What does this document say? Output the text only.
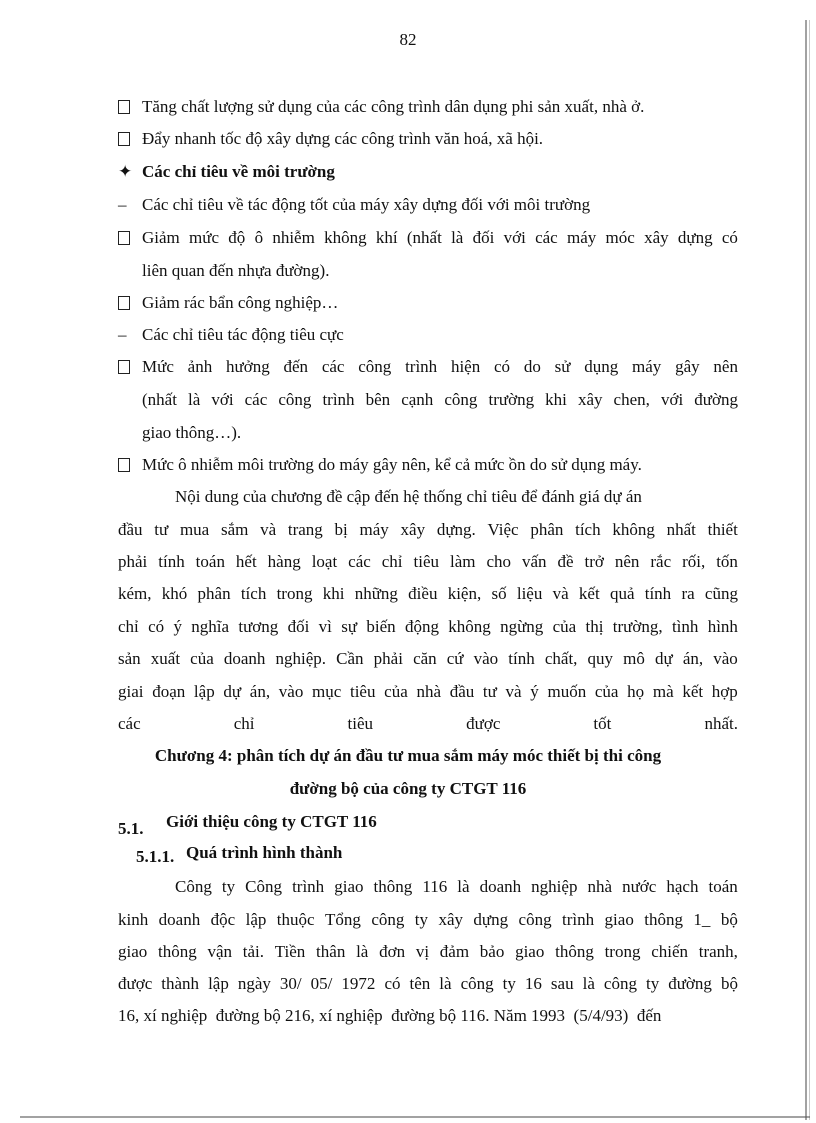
82
Tăng chất lượng sử dụng của các công trình dân dụng phi sản xuất, nhà ở.
Đẩy nhanh tốc độ xây dựng các công trình văn hoá, xã hội.
✦ Các chỉ tiêu về môi trường
– Các chỉ tiêu về tác động tốt của máy xây dựng đối với môi trường
Giảm mức độ ô nhiễm không khí (nhất là đối với các máy móc xây dựng có
liên quan đến nhựa đường).
Giảm rác bẩn công nghiệp…
– Các chỉ tiêu tác động tiêu cực
Mức ảnh hưởng đến các công trình hiện có do sử dụng máy gây nên
(nhất là với các công trình bên cạnh công trường khi xây chen, với đường
giao thông…).
Mức ô nhiễm môi trường do máy gây nên, kể cả mức ồn do sử dụng máy.
Nội dung của chương đề cập đến hệ thống chỉ tiêu để đánh giá dự án
đầu tư mua sắm và trang bị máy xây dựng. Việc phân tích không nhất thiết
phải tính toán hết hàng loạt các chỉ tiêu làm cho vấn đề trở nên rắc rối, tốn
kém, khó phân tích trong khi những điều kiện, số liệu và kết quả tính ra cũng
chỉ có ý nghĩa tương đối vì sự biến động không ngừng của thị trường, tình hình
sản xuất của doanh nghiệp. Cần phải căn cứ vào tính chất, quy mô dự án, vào
giai đoạn lập dự án, vào mục tiêu của nhà đầu tư và ý muốn của họ mà kết hợp
các	chỉ	tiêu	được	tốt	nhất.
Chương 4: phân tích dự án đầu tư mua sắm máy móc thiết bị thi công
đường bộ của công ty CTGT 116
5.1. Giới thiệu công ty CTGT 116
5.1.1. Quá trình hình thành
Công ty Công trình giao thông 116 là doanh nghiệp nhà nước hạch toán
kinh doanh độc lập thuộc Tổng công ty xây dựng công trình giao thông 1_ bộ
giao thông vận tải. Tiền thân là đơn vị đảm bảo giao thông trong chiến tranh,
được thành lập ngày 30/ 05/ 1972 có tên là công ty 16 sau là công ty đường bộ
16, xí nghiệp  đường bộ 216, xí nghiệp  đường bộ 116. Năm 1993  (5/4/93)  đến
